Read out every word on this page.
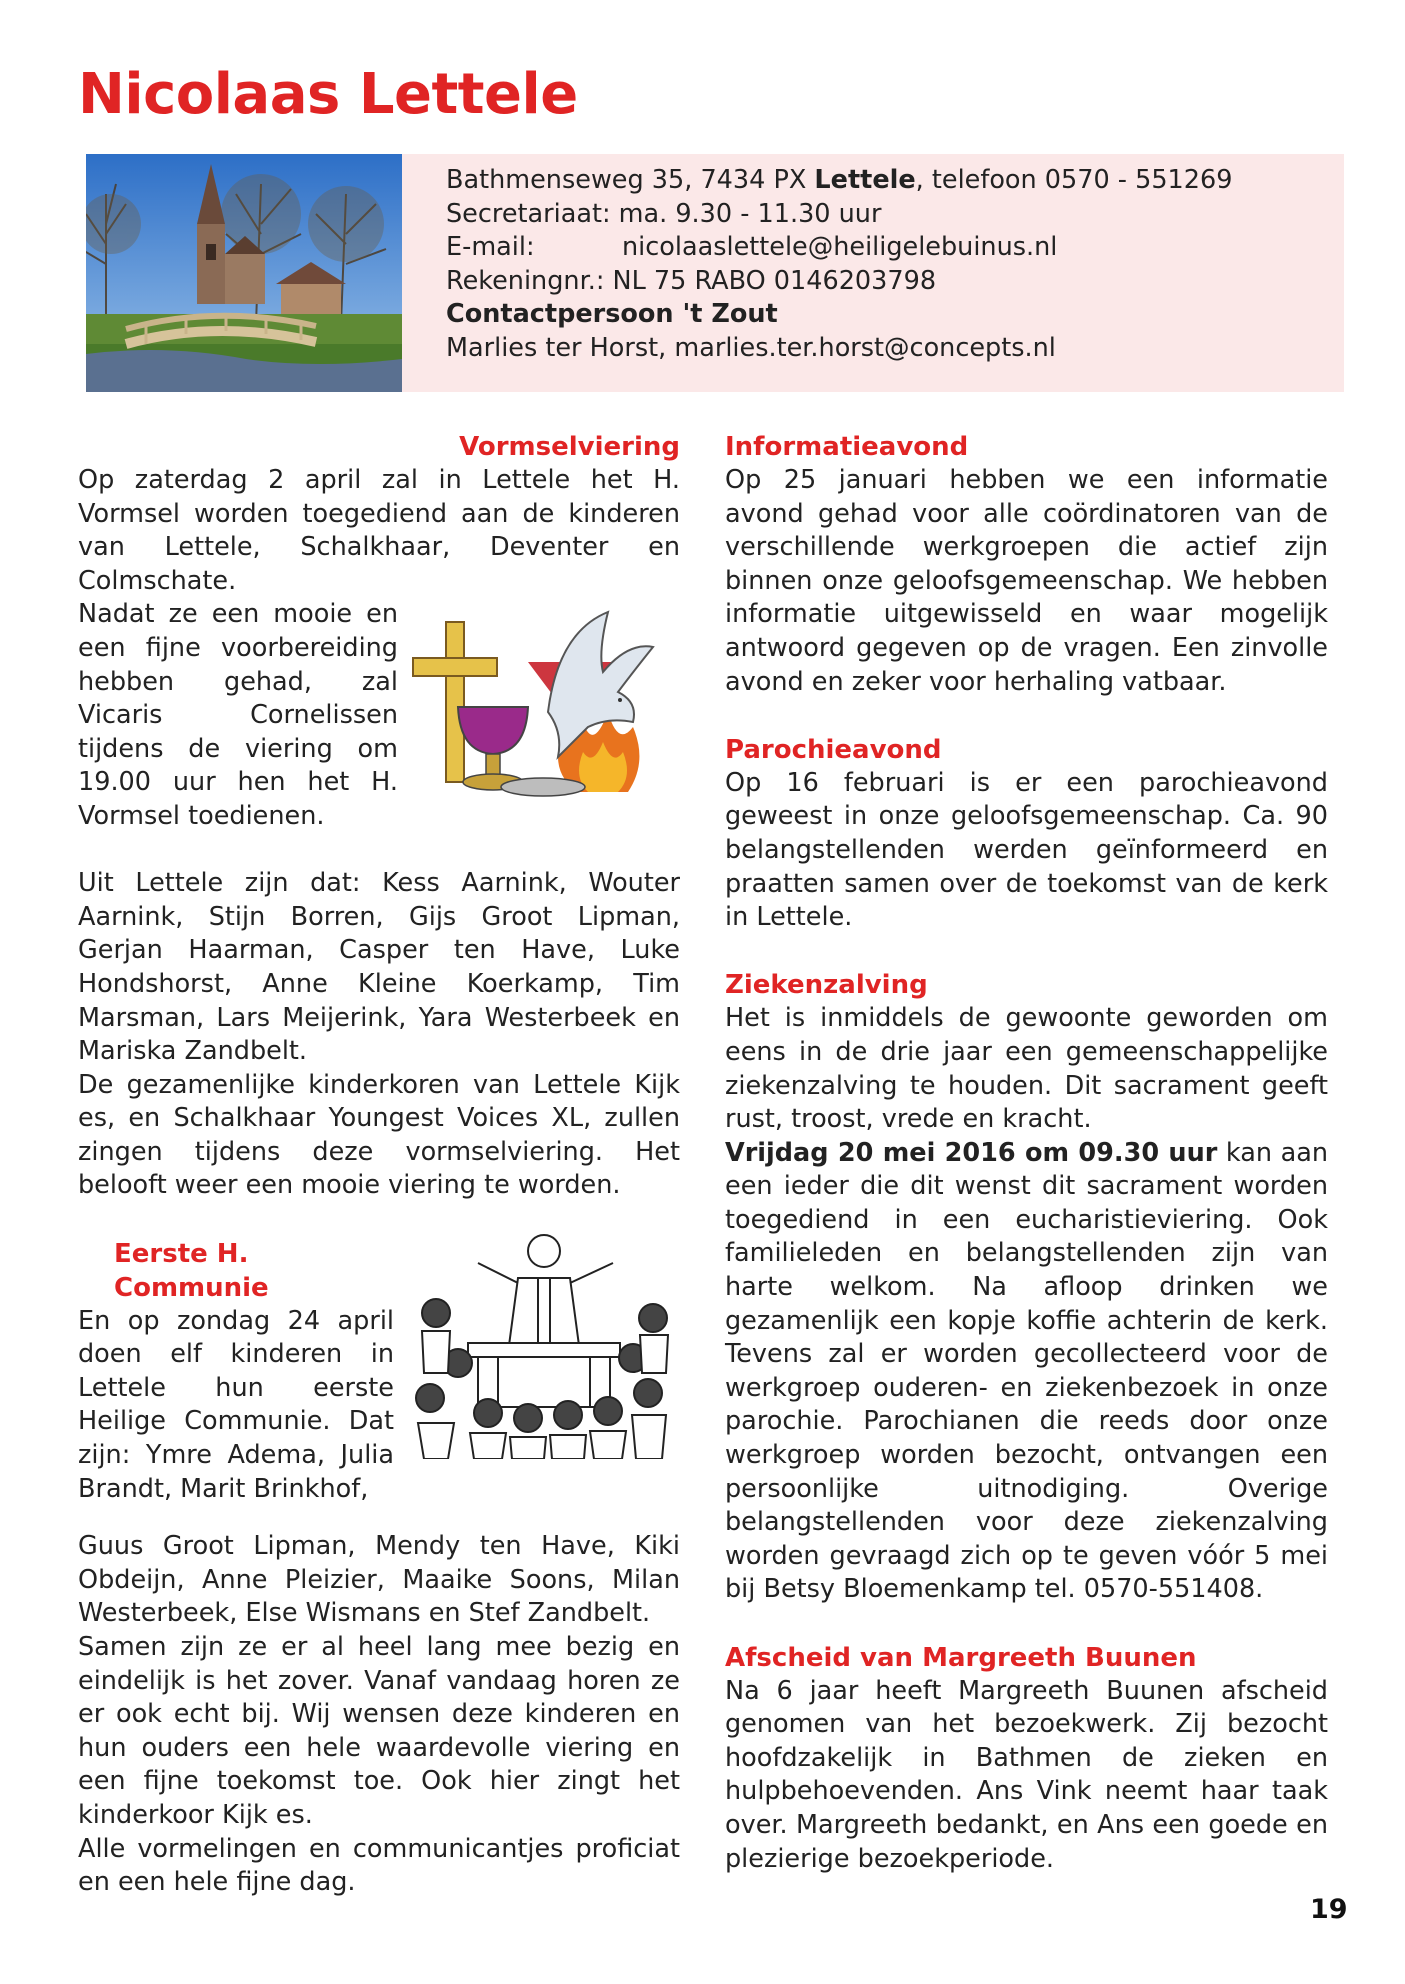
Nicolaas Lettele
Bathmenseweg 35, 7434 PX Lettele, telefoon 0570 - 551269
Secretariaat: ma. 9.30 - 11.30 uur
E-mail:	nicolaaslettele@heiligelebuinus.nl
Rekeningnr.: NL 75 RABO 0146203798
Contactpersoon 't Zout
Marlies ter Horst, marlies.ter.horst@concepts.nl
Vormselviering

Op zaterdag 2 april zal in Lettele het H. Vormsel worden toegediend aan de kinderen van Lettele, Schalkhaar, Deventer en Colmschate.

Nadat ze een mooie en een fijne voorbereiding hebben gehad, zal Vicaris Cornelissen tijdens de viering om 19.00 uur hen het H. Vormsel toedienen.

Uit Lettele zijn dat: Kess Aarnink, Wouter Aarnink, Stijn Borren, Gijs Groot Lipman, Gerjan Haarman, Casper ten Have, Luke Hondshorst, Anne Kleine Koerkamp, Tim Marsman, Lars Meijerink, Yara Westerbeek en Mariska Zandbelt.

De gezamenlijke kinderkoren van Lettele Kijk es, en Schalkhaar Youngest Voices XL, zullen zingen tijdens deze vormselviering. Het belooft weer een mooie viering te worden.

Eerste H. Communie

En op zondag 24 april doen elf kinderen in Lettele hun eerste Heilige Communie. Dat zijn: Ymre Adema, Julia Brandt, Marit Brinkhof,

Guus Groot Lipman, Mendy ten Have, Kiki Obdeijn, Anne Pleizier, Maaike Soons, Milan Westerbeek, Else Wismans en Stef Zandbelt.

Samen zijn ze er al heel lang mee bezig en eindelijk is het zover. Vanaf vandaag horen ze er ook echt bij. Wij wensen deze kinderen en hun ouders een hele waardevolle viering en een fijne toekomst toe. Ook hier zingt het kinderkoor Kijk es.

Alle vormelingen en communicantjes proficiat en een hele fijne dag.

Informatieavond

Op 25 januari hebben we een informatie avond gehad voor alle coördinatoren van de verschillende werkgroepen die actief zijn binnen onze geloofsgemeenschap. We hebben informatie uitgewisseld en waar mogelijk antwoord gegeven op de vragen. Een zinvolle avond en zeker voor herhaling vatbaar.

Parochieavond

Op 16 februari is er een parochieavond geweest in onze geloofsgemeenschap. Ca. 90 belangstellenden werden geïnformeerd en praatten samen over de toekomst van de kerk in Lettele.

Ziekenzalving

Het is inmiddels de gewoonte geworden om eens in de drie jaar een gemeenschappelijke ziekenzalving te houden. Dit sacrament geeft rust, troost, vrede en kracht.

Vrijdag 20 mei 2016 om 09.30 uur kan aan een ieder die dit wenst dit sacrament worden toegediend in een eucharistieviering. Ook familieleden en belangstellenden zijn van harte welkom. Na afloop drinken we gezamenlijk een kopje koffie achterin de kerk. Tevens zal er worden gecollecteerd voor de werkgroep ouderen- en ziekenbezoek in onze parochie. Parochianen die reeds door onze werkgroep worden bezocht, ontvangen een persoonlijke uitnodiging. Overige belangstellenden voor deze ziekenzalving worden gevraagd zich op te geven vóór 5 mei bij Betsy Bloemenkamp tel. 0570-551408.

Afscheid van Margreeth Buunen

Na 6 jaar heeft Margreeth Buunen afscheid genomen van het bezoekwerk. Zij bezocht hoofdzakelijk in Bathmen de zieken en hulpbehoevenden. Ans Vink neemt haar taak over. Margreeth bedankt, en Ans een goede en plezierige bezoekperiode.

19
